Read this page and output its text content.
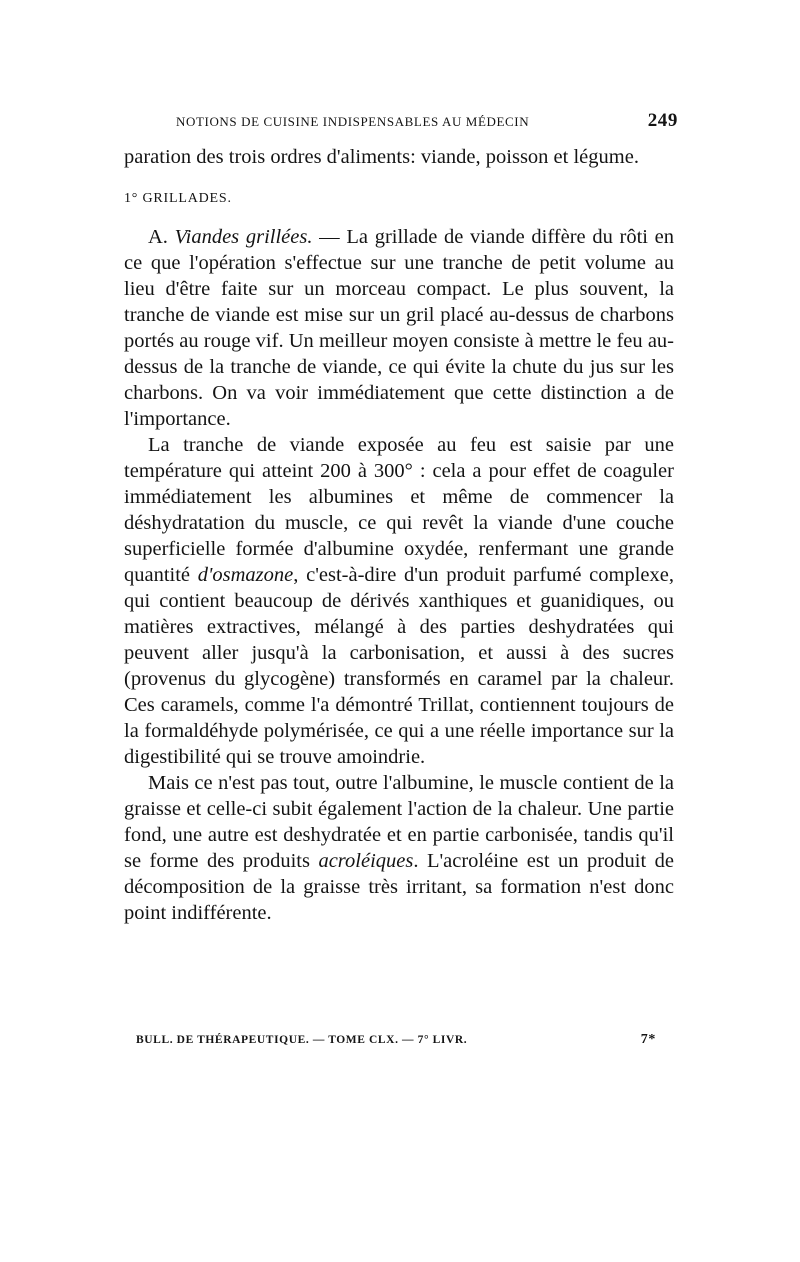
NOTIONS DE CUISINE INDISPENSABLES AU MÉDECIN	249

paration des trois ordres d'aliments: viande, poisson et légume.

1° GRILLADES.

A. Viandes grillées. — La grillade de viande diffère du rôti en ce que l'opération s'effectue sur une tranche de petit volume au lieu d'être faite sur un morceau compact. Le plus souvent, la tranche de viande est mise sur un gril placé au-dessus de charbons portés au rouge vif. Un meilleur moyen consiste à mettre le feu au-dessus de la tranche de viande, ce qui évite la chute du jus sur les charbons. On va voir immédiatement que cette distinction a de l'importance.

La tranche de viande exposée au feu est saisie par une température qui atteint 200 à 300° : cela a pour effet de coaguler immédiatement les albumines et même de commencer la déshydratation du muscle, ce qui revêt la viande d'une couche superficielle formée d'albumine oxydée, renfermant une grande quantité d'osmazone, c'est-à-dire d'un produit parfumé complexe, qui contient beaucoup de dérivés xanthiques et guanidiques, ou matières extractives, mélangé à des parties deshydratées qui peuvent aller jusqu'à la carbonisation, et aussi à des sucres (provenus du glycogène) transformés en caramel par la chaleur. Ces caramels, comme l'a démontré Trillat, contiennent toujours de la formaldéhyde polymérisée, ce qui a une réelle importance sur la digestibilité qui se trouve amoindrie.

Mais ce n'est pas tout, outre l'albumine, le muscle contient de la graisse et celle-ci subit également l'action de la chaleur. Une partie fond, une autre est deshydratée et en partie carbonisée, tandis qu'il se forme des produits acroléiques. L'acroléine est un produit de décomposition de la graisse très irritant, sa formation n'est donc point indifférente.

BULL. DE THÉRAPEUTIQUE. — TOME CLX. — 7° LIVR.	7*
